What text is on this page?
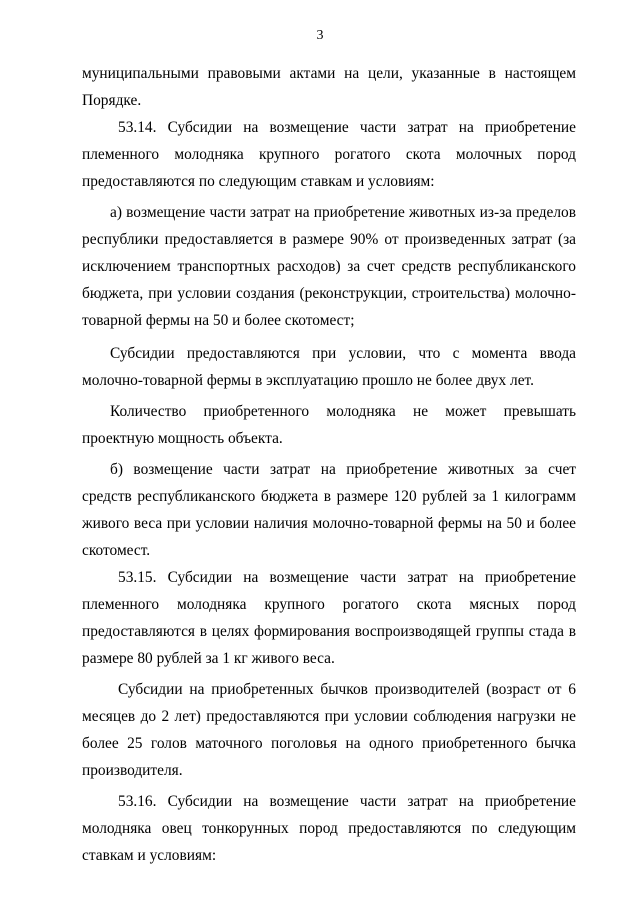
3

муниципальными правовыми актами на цели, указанные в настоящем Порядке.

53.14. Субсидии на возмещение части затрат на приобретение племенного молодняка крупного рогатого скота молочных пород предоставляются по следующим ставкам и условиям:

а) возмещение части затрат на приобретение животных из-за пределов республики предоставляется в размере 90% от произведенных затрат (за исключением транспортных расходов) за счет средств республиканского бюджета, при условии создания (реконструкции, строительства) молочно-товарной фермы на 50 и более скотомест;

Субсидии предоставляются при условии, что с момента ввода молочно-товарной фермы в эксплуатацию прошло не более двух лет.

Количество приобретенного молодняка не может превышать проектную мощность объекта.

б) возмещение части затрат на приобретение животных за счет средств республиканского бюджета в размере 120 рублей за 1 килограмм живого веса при условии наличия молочно-товарной фермы на 50 и более скотомест.

53.15. Субсидии на возмещение части затрат на приобретение племенного молодняка крупного рогатого скота мясных пород предоставляются в целях формирования воспроизводящей группы стада в размере 80 рублей за 1 кг живого веса.

Субсидии на приобретенных бычков производителей (возраст от 6 месяцев до 2 лет) предоставляются при условии соблюдения нагрузки не более 25 голов маточного поголовья на одного приобретенного бычка производителя.

53.16. Субсидии на возмещение части затрат на приобретение молодняка овец тонкорунных пород предоставляются по следующим ставкам и условиям:
